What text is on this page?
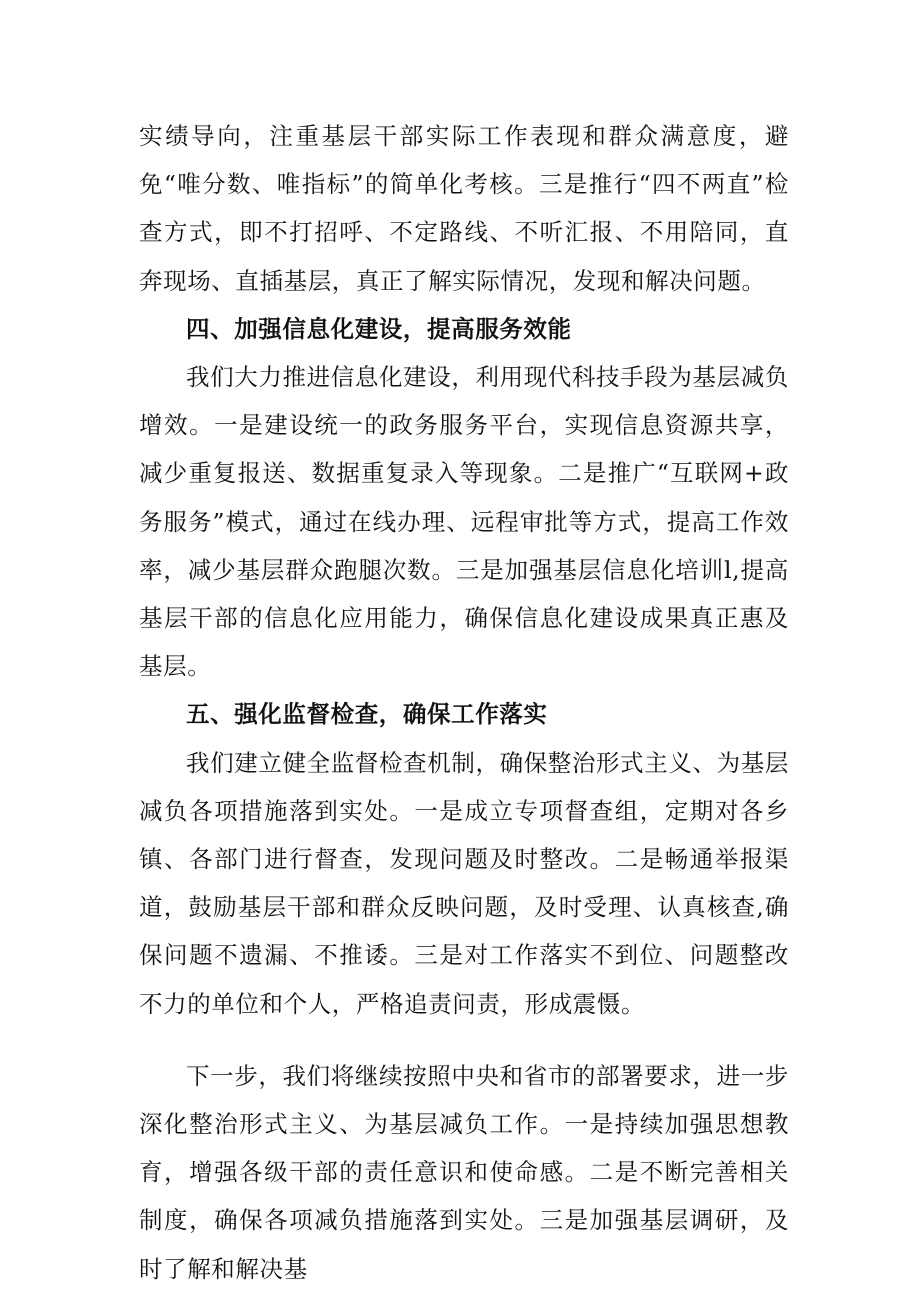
实绩导向，注重基层干部实际工作表现和群众满意度，避免“唯分数、唯指标”的简单化考核。三是推行“四不两直”检查方式，即不打招呼、不定路线、不听汇报、不用陪同，直奔现场、直插基层，真正了解实际情况，发现和解决问题。

四、加强信息化建设，提高服务效能

我们大力推进信息化建设，利用现代科技手段为基层减负增效。一是建设统一的政务服务平台，实现信息资源共享，减少重复报送、数据重复录入等现象。二是推广“互联网+政务服务”模式，通过在线办理、远程审批等方式，提高工作效率，减少基层群众跑腿次数。三是加强基层信息化培训l,提高基层干部的信息化应用能力，确保信息化建设成果真正惠及基层。

五、强化监督检查，确保工作落实

我们建立健全监督检查机制，确保整治形式主义、为基层减负各项措施落到实处。一是成立专项督查组，定期对各乡镇、各部门进行督查，发现问题及时整改。二是畅通举报渠道，鼓励基层干部和群众反映问题，及时受理、认真核查,确保问题不遗漏、不推诿。三是对工作落实不到位、问题整改不力的单位和个人，严格追责问责，形成震慑。

下一步，我们将继续按照中央和省市的部署要求，进一步深化整治形式主义、为基层减负工作。一是持续加强思想教育，增强各级干部的责任意识和使命感。二是不断完善相关制度，确保各项减负措施落到实处。三是加强基层调研，及时了解和解决基
